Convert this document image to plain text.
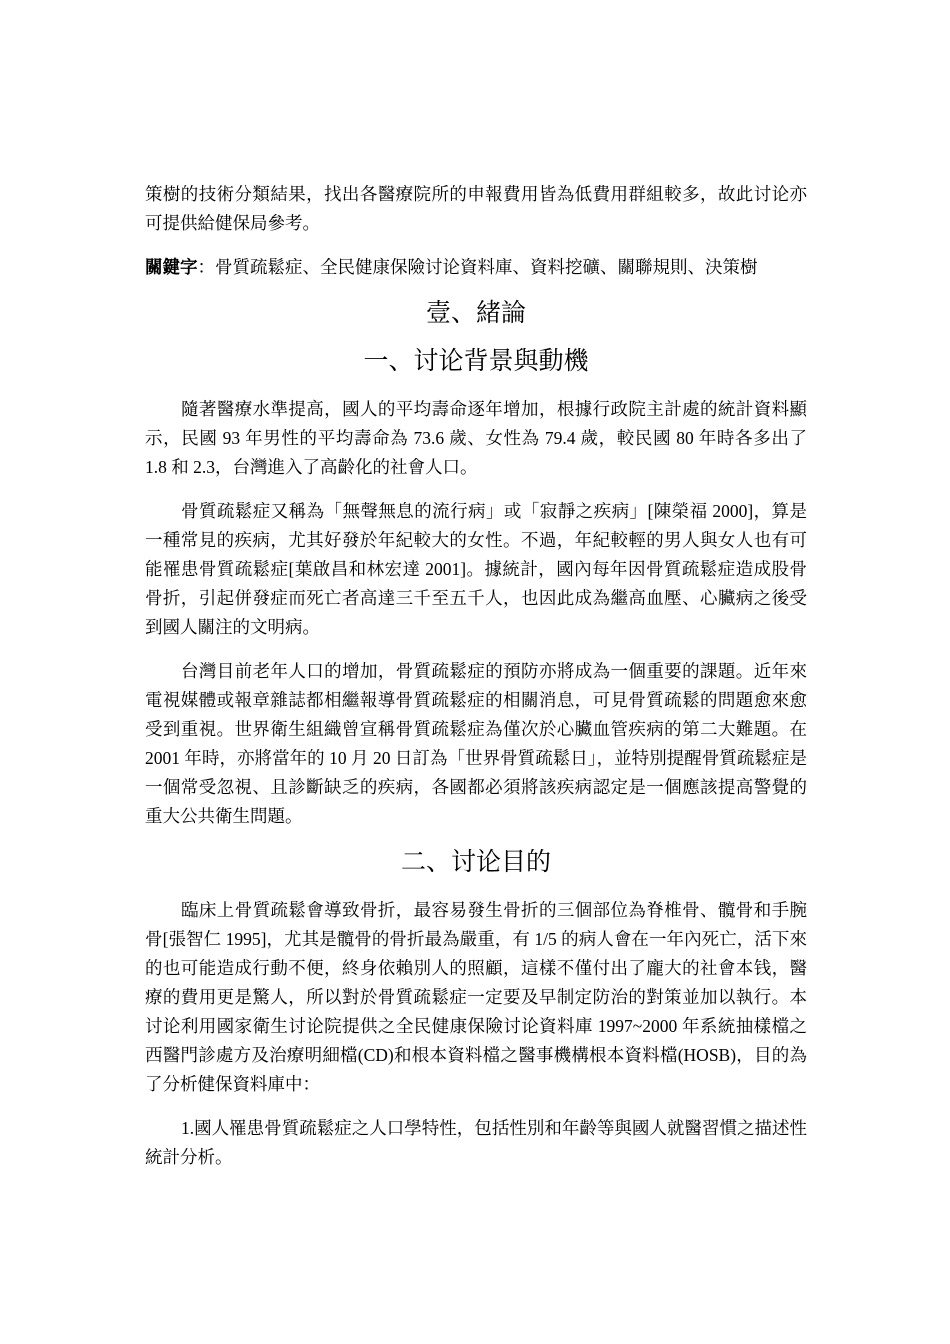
策樹的技術分類結果，找出各醫療院所的申報費用皆為低費用群組較多，故此讨论亦可提供給健保局參考。

關鍵字：骨質疏鬆症、全民健康保險讨论資料庫、資料挖礦、關聯規則、決策樹

壹、緒論
一、讨论背景與動機

隨著醫療水準提高，國人的平均壽命逐年增加，根據行政院主計處的統計資料顯示，民國 93 年男性的平均壽命為 73.6 歲、女性為 79.4 歲，較民國 80 年時各多出了 1.8 和 2.3，台灣進入了高齡化的社會人口。

骨質疏鬆症又稱為「無聲無息的流行病」或「寂靜之疾病」[陳榮福 2000]，算是一種常見的疾病，尤其好發於年紀較大的女性。不過，年紀較輕的男人與女人也有可能罹患骨質疏鬆症[葉啟昌和林宏達 2001]。據統計，國內每年因骨質疏鬆症造成股骨骨折，引起併發症而死亡者高達三千至五千人，也因此成為繼高血壓、心臟病之後受到國人關注的文明病。

台灣目前老年人口的增加，骨質疏鬆症的預防亦將成為一個重要的課題。近年來電視媒體或報章雜誌都相繼報導骨質疏鬆症的相關消息，可見骨質疏鬆的問題愈來愈受到重視。世界衛生組織曾宣稱骨質疏鬆症為僅次於心臟血管疾病的第二大難題。在 2001 年時，亦將當年的 10 月 20 日訂為「世界骨質疏鬆日」，並特別提醒骨質疏鬆症是一個常受忽視、且診斷缺乏的疾病，各國都必須將該疾病認定是一個應該提高警覺的重大公共衛生問題。

二、讨论目的

臨床上骨質疏鬆會導致骨折，最容易發生骨折的三個部位為脊椎骨、髖骨和手腕骨[張智仁 1995]，尤其是髖骨的骨折最為嚴重，有 1/5 的病人會在一年內死亡，活下來的也可能造成行動不便，終身依賴別人的照顧，這樣不僅付出了龐大的社會本钱，醫療的費用更是驚人，所以對於骨質疏鬆症一定要及早制定防治的對策並加以執行。本讨论利用國家衛生讨论院提供之全民健康保險讨论資料庫 1997~2000 年系統抽樣檔之西醫門診處方及治療明細檔(CD)和根本資料檔之醫事機構根本資料檔(HOSB)，目的為了分析健保資料庫中：

1.國人罹患骨質疏鬆症之人口學特性，包括性別和年齡等與國人就醫習慣之描述性統計分析。
